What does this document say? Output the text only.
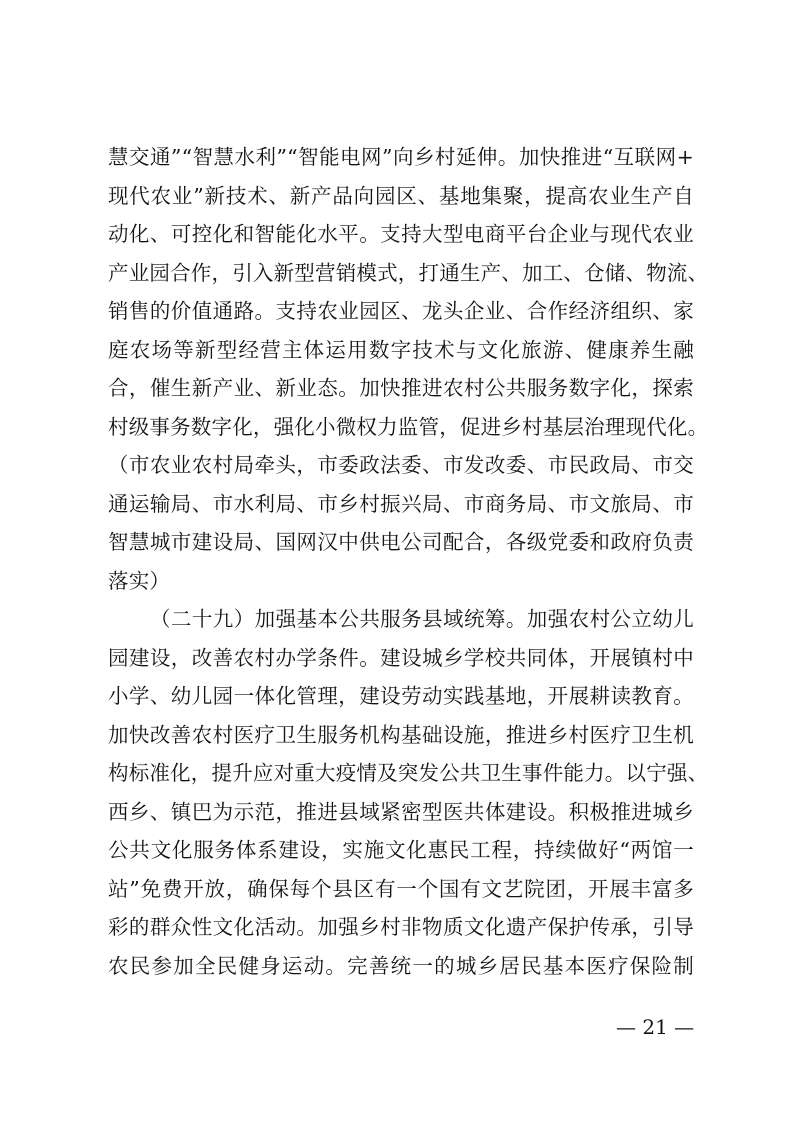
慧交通”“智慧水利”“智能电网”向乡村延伸。加快推进“互联网+
现代农业”新技术、新产品向园区、基地集聚，提高农业生产自
动化、可控化和智能化水平。支持大型电商平台企业与现代农业
产业园合作，引入新型营销模式，打通生产、加工、仓储、物流、
销售的价值通路。支持农业园区、龙头企业、合作经济组织、家
庭农场等新型经营主体运用数字技术与文化旅游、健康养生融
合，催生新产业、新业态。加快推进农村公共服务数字化，探索
村级事务数字化，强化小微权力监管，促进乡村基层治理现代化。
（市农业农村局牵头，市委政法委、市发改委、市民政局、市交
通运输局、市水利局、市乡村振兴局、市商务局、市文旅局、市
智慧城市建设局、国网汉中供电公司配合，各级党委和政府负责
落实）
（二十九）加强基本公共服务县域统筹。加强农村公立幼儿
园建设，改善农村办学条件。建设城乡学校共同体，开展镇村中
小学、幼儿园一体化管理，建设劳动实践基地，开展耕读教育。
加快改善农村医疗卫生服务机构基础设施，推进乡村医疗卫生机
构标准化，提升应对重大疫情及突发公共卫生事件能力。以宁强、
西乡、镇巴为示范，推进县域紧密型医共体建设。积极推进城乡
公共文化服务体系建设，实施文化惠民工程，持续做好“两馆一
站”免费开放，确保每个县区有一个国有文艺院团，开展丰富多
彩的群众性文化活动。加强乡村非物质文化遗产保护传承，引导
农民参加全民健身运动。完善统一的城乡居民基本医疗保险制
— 21 —
